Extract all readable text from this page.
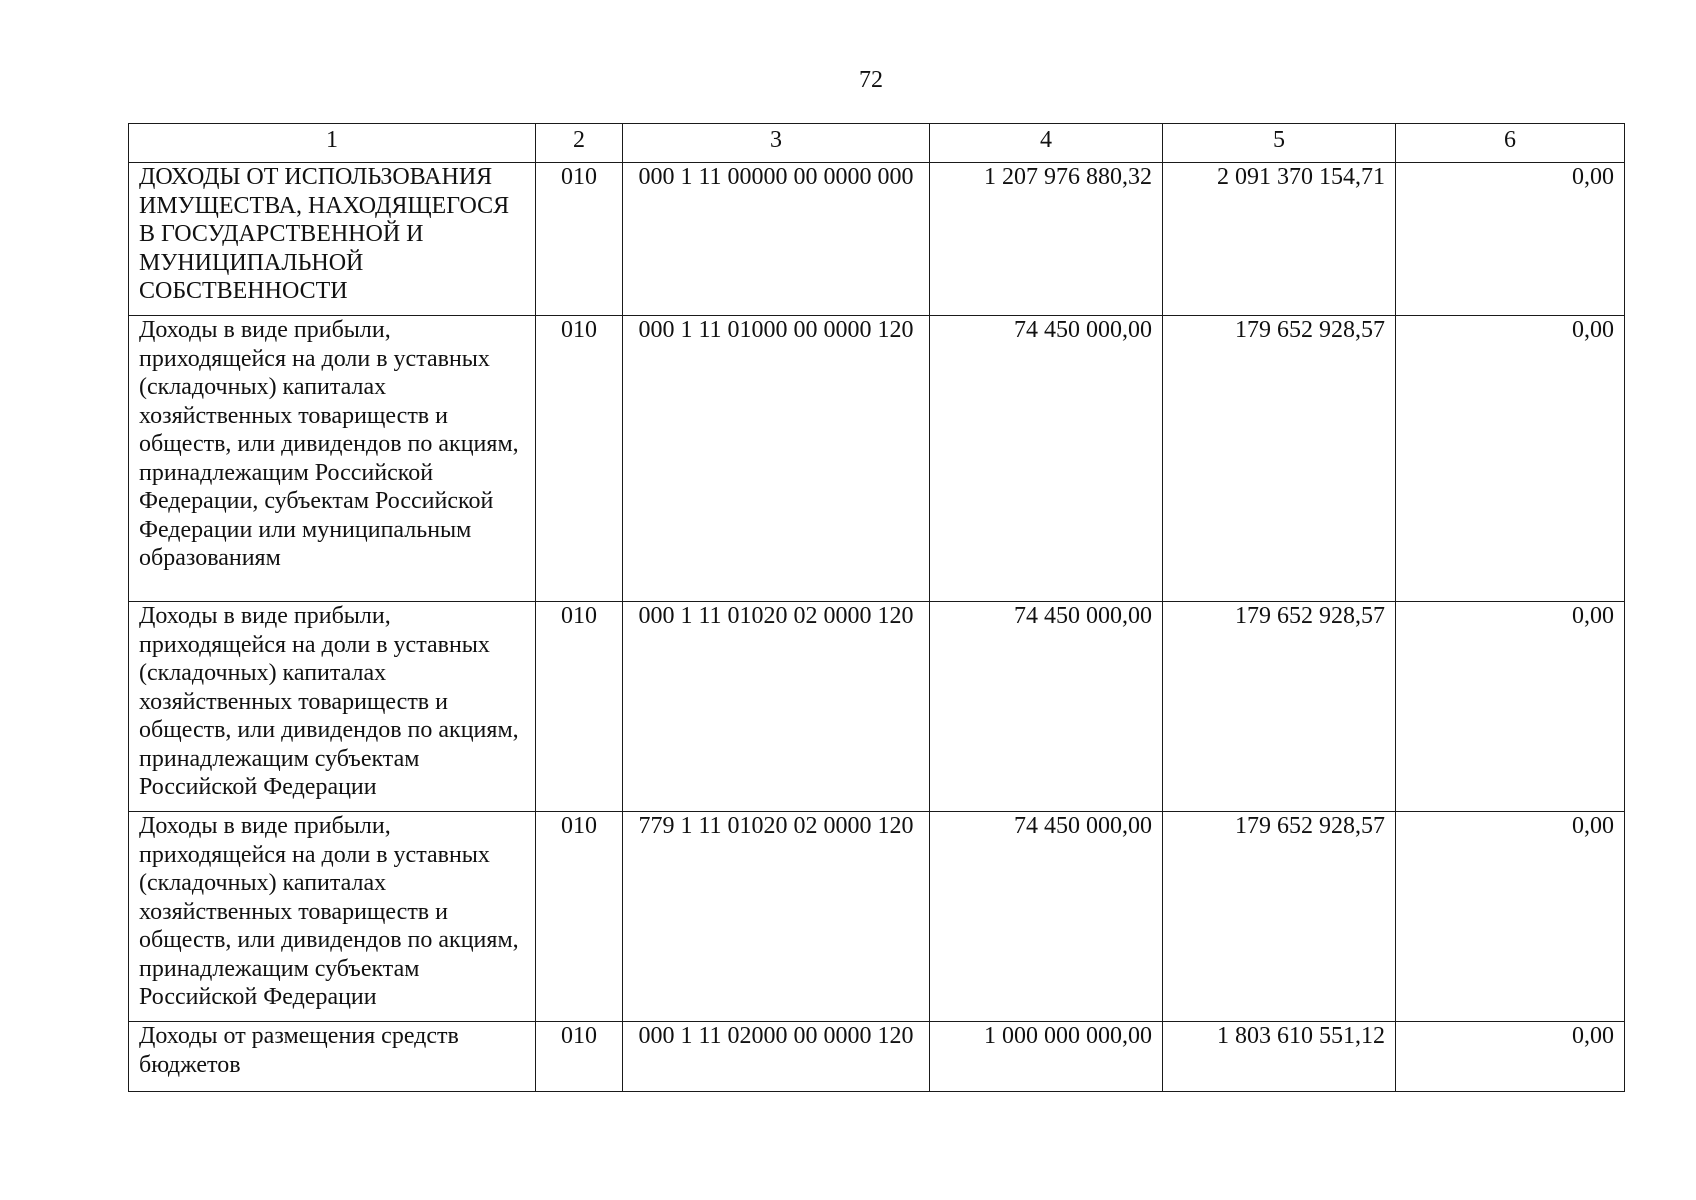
72
1	2	3	4	5	6
ДОХОДЫ ОТ ИСПОЛЬЗОВАНИЯ ИМУЩЕСТВА, НАХОДЯЩЕГОСЯ В ГОСУДАРСТВЕННОЙ И МУНИЦИПАЛЬНОЙ СОБСТВЕННОСТИ	010	000 1 11 00000 00 0000 000	1 207 976 880,32	2 091 370 154,71	0,00
Доходы в виде прибыли, приходящейся на доли в уставных (складочных) капиталах хозяйственных товариществ и обществ, или дивидендов по акциям, принадлежащим Российской Федерации, субъектам Российской Федерации или муниципальным образованиям	010	000 1 11 01000 00 0000 120	74 450 000,00	179 652 928,57	0,00
Доходы в виде прибыли, приходящейся на доли в уставных (складочных) капиталах хозяйственных товариществ и обществ, или дивидендов по акциям, принадлежащим субъектам Российской Федерации	010	000 1 11 01020 02 0000 120	74 450 000,00	179 652 928,57	0,00
Доходы в виде прибыли, приходящейся на доли в уставных (складочных) капиталах хозяйственных товариществ и обществ, или дивидендов по акциям, принадлежащим субъектам Российской Федерации	010	779 1 11 01020 02 0000 120	74 450 000,00	179 652 928,57	0,00
Доходы от размещения средств бюджетов	010	000 1 11 02000 00 0000 120	1 000 000 000,00	1 803 610 551,12	0,00
